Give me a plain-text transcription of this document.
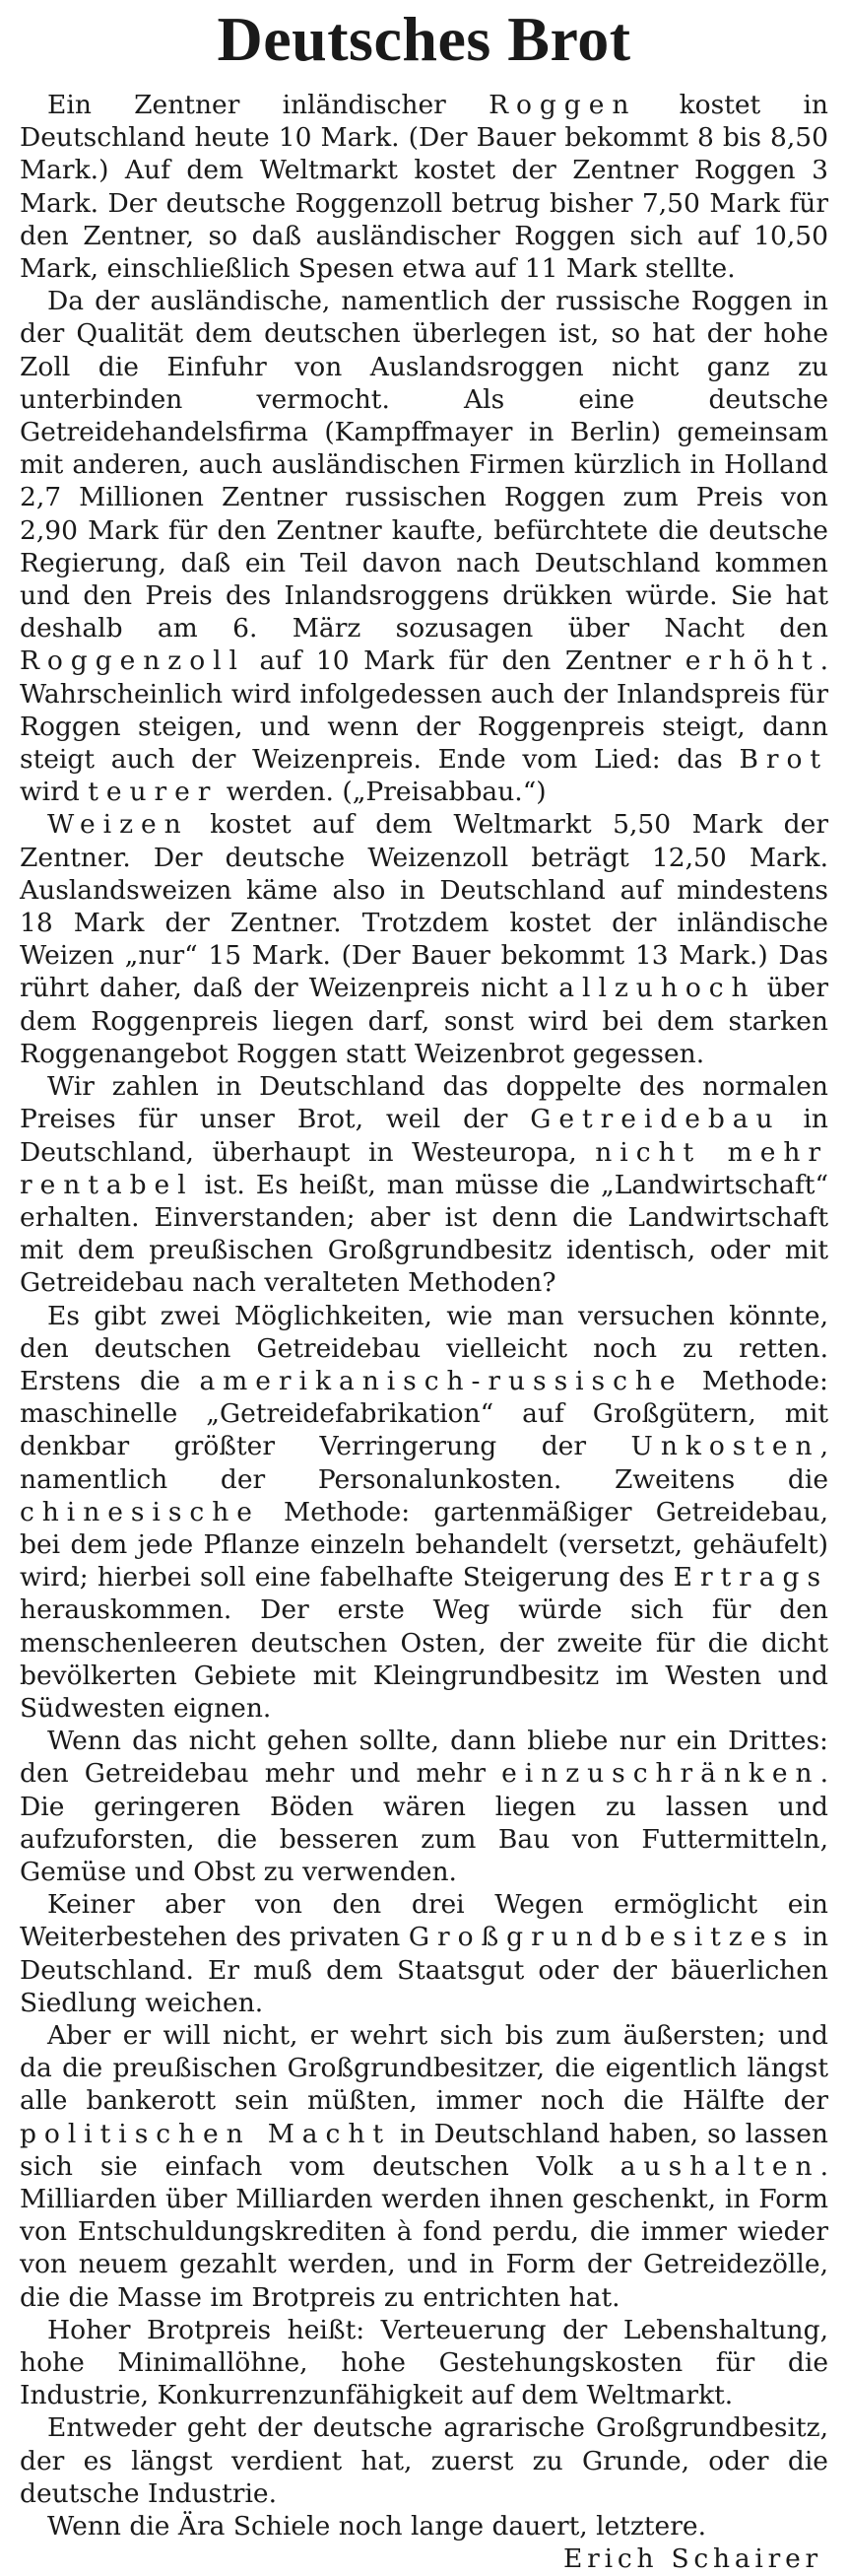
Deutsches Brot

Ein Zentner inländischer Roggen kostet in Deutschland heute 10 Mark. (Der Bauer bekommt 8 bis 8,50 Mark.) Auf dem Weltmarkt kostet der Zentner Roggen 3 Mark. Der deutsche Roggenzoll betrug bisher 7,50 Mark für den Zentner, so daß ausländischer Roggen sich auf 10,50 Mark, einschließlich Spesen etwa auf 11 Mark stellte.

Da der ausländische, namentlich der russische Roggen in der Qualität dem deutschen überlegen ist, so hat der hohe Zoll die Einfuhr von Auslandsroggen nicht ganz zu unterbinden vermocht. Als eine deutsche Getreidehandelsfirma (Kampffmayer in Berlin) gemeinsam mit anderen, auch ausländischen Firmen kürzlich in Holland 2,7 Millionen Zentner russischen Roggen zum Preis von 2,90 Mark für den Zentner kaufte, befürchtete die deutsche Regierung, daß ein Teil davon nach Deutschland kommen und den Preis des Inlandsroggens drükken würde. Sie hat deshalb am 6. März sozusagen über Nacht den Roggenzoll auf 10 Mark für den Zentner erhöht. Wahrscheinlich wird infolgedessen auch der Inlandspreis für Roggen steigen, und wenn der Roggenpreis steigt, dann steigt auch der Weizenpreis. Ende vom Lied: das Brot wird teurer werden. („Preisabbau.“)

Weizen kostet auf dem Weltmarkt 5,50 Mark der Zentner. Der deutsche Weizenzoll beträgt 12,50 Mark. Auslandsweizen käme also in Deutschland auf mindestens 18 Mark der Zentner. Trotzdem kostet der inländische Weizen „nur“ 15 Mark. (Der Bauer bekommt 13 Mark.) Das rührt daher, daß der Weizenpreis nicht allzuhoch über dem Roggenpreis liegen darf, sonst wird bei dem starken Roggenangebot Roggen statt Weizenbrot gegessen.

Wir zahlen in Deutschland das doppelte des normalen Preises für unser Brot, weil der Getreidebau in Deutschland, überhaupt in Westeuropa, nicht mehr rentabel ist. Es heißt, man müsse die „Landwirtschaft“ erhalten. Einverstanden; aber ist denn die Landwirtschaft mit dem preußischen Großgrundbesitz identisch, oder mit Getreidebau nach veralteten Methoden?

Es gibt zwei Möglichkeiten, wie man versuchen könnte, den deutschen Getreidebau vielleicht noch zu retten. Erstens die amerikanisch-russische Methode: maschinelle „Getreidefabrikation“ auf Großgütern, mit denkbar größter Verringerung der Unkosten, namentlich der Personalunkosten. Zweitens die chinesische Methode: gartenmäßiger Getreidebau, bei dem jede Pflanze einzeln behandelt (versetzt, gehäufelt) wird; hierbei soll eine fabelhafte Steigerung des Ertrags herauskommen. Der erste Weg würde sich für den menschenleeren deutschen Osten, der zweite für die dicht bevölkerten Gebiete mit Kleingrundbesitz im Westen und Südwesten eignen.

Wenn das nicht gehen sollte, dann bliebe nur ein Drittes: den Getreidebau mehr und mehr einzuschränken. Die geringeren Böden wären liegen zu lassen und aufzuforsten, die besseren zum Bau von Futtermitteln, Gemüse und Obst zu verwenden.

Keiner aber von den drei Wegen ermöglicht ein Weiterbestehen des privaten Großgrundbesitzes in Deutschland. Er muß dem Staatsgut oder der bäuerlichen Siedlung weichen.

Aber er will nicht, er wehrt sich bis zum äußersten; und da die preußischen Großgrundbesitzer, die eigentlich längst alle bankerott sein müßten, immer noch die Hälfte der politischen Macht in Deutschland haben, so lassen sich sie einfach vom deutschen Volk aushalten. Milliarden über Milliarden werden ihnen geschenkt, in Form von Entschuldungskrediten à fond perdu, die immer wieder von neuem gezahlt werden, und in Form der Getreidezölle, die die Masse im Brotpreis zu entrichten hat.

Hoher Brotpreis heißt: Verteuerung der Lebenshaltung, hohe Minimallöhne, hohe Gestehungskosten für die Industrie, Konkurrenzunfähigkeit auf dem Weltmarkt.

Entweder geht der deutsche agrarische Großgrundbesitz, der es längst verdient hat, zuerst zu Grunde, oder die deutsche Industrie.

Wenn die Ära Schiele noch lange dauert, letztere.

Erich Schairer
